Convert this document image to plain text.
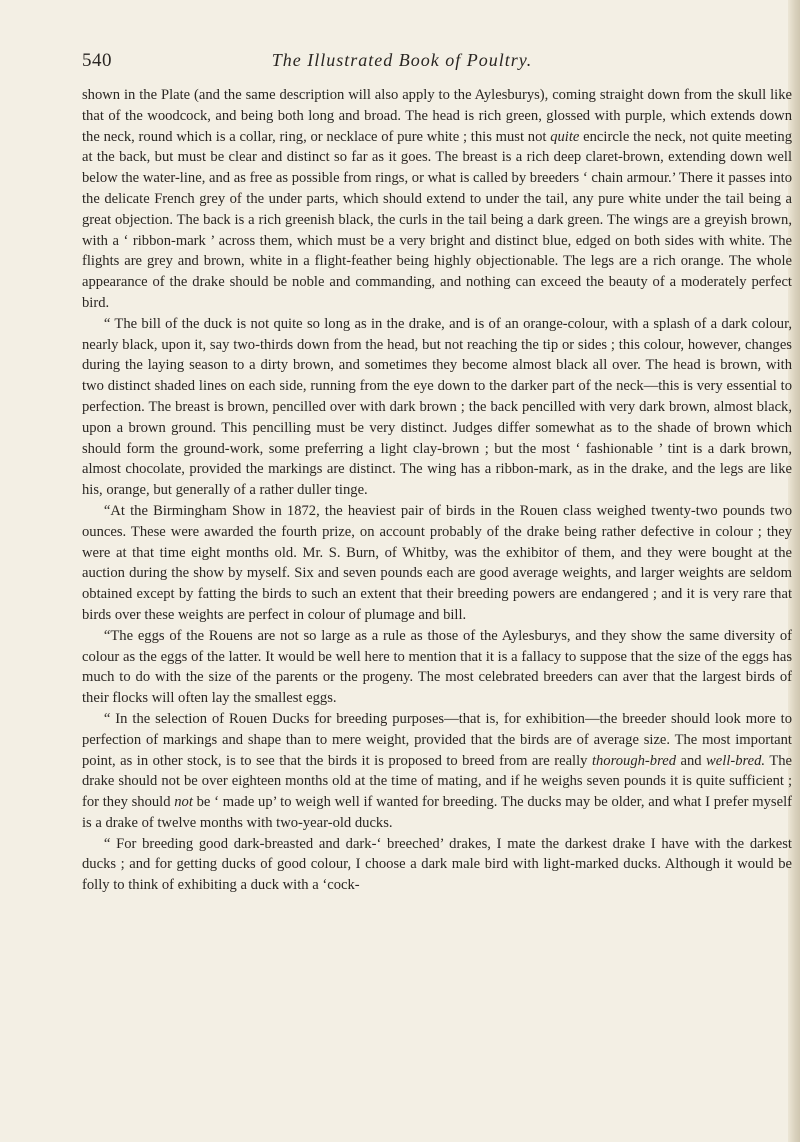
540	The Illustrated Book of Poultry.

shown in the Plate (and the same description will also apply to the Aylesburys), coming straight down from the skull like that of the woodcock, and being both long and broad. The head is rich green, glossed with purple, which extends down the neck, round which is a collar, ring, or necklace of pure white ; this must not quite encircle the neck, not quite meeting at the back, but must be clear and distinct so far as it goes. The breast is a rich deep claret-brown, extending down well below the water-line, and as free as possible from rings, or what is called by breeders ‘ chain armour.’ There it passes into the delicate French grey of the under parts, which should extend to under the tail, any pure white under the tail being a great objection. The back is a rich greenish black, the curls in the tail being a dark green. The wings are a greyish brown, with a ‘ ribbon-mark ’ across them, which must be a very bright and distinct blue, edged on both sides with white. The flights are grey and brown, white in a flight-feather being highly objectionable. The legs are a rich orange. The whole appearance of the drake should be noble and commanding, and nothing can exceed the beauty of a moderately perfect bird.

“ The bill of the duck is not quite so long as in the drake, and is of an orange-colour, with a splash of a dark colour, nearly black, upon it, say two-thirds down from the head, but not reaching the tip or sides ; this colour, however, changes during the laying season to a dirty brown, and sometimes they become almost black all over. The head is brown, with two distinct shaded lines on each side, running from the eye down to the darker part of the neck—this is very essential to perfection. The breast is brown, pencilled over with dark brown ; the back pencilled with very dark brown, almost black, upon a brown ground. This pencilling must be very distinct. Judges differ somewhat as to the shade of brown which should form the ground-work, some preferring a light clay-brown ; but the most ‘ fashionable ’ tint is a dark brown, almost chocolate, provided the markings are distinct. The wing has a ribbon-mark, as in the drake, and the legs are like his, orange, but generally of a rather duller tinge.

“At the Birmingham Show in 1872, the heaviest pair of birds in the Rouen class weighed twenty-two pounds two ounces. These were awarded the fourth prize, on account probably of the drake being rather defective in colour ; they were at that time eight months old. Mr. S. Burn, of Whitby, was the exhibitor of them, and they were bought at the auction during the show by myself. Six and seven pounds each are good average weights, and larger weights are seldom obtained except by fatting the birds to such an extent that their breeding powers are endangered ; and it is very rare that birds over these weights are perfect in colour of plumage and bill.

“The eggs of the Rouens are not so large as a rule as those of the Aylesburys, and they show the same diversity of colour as the eggs of the latter. It would be well here to mention that it is a fallacy to suppose that the size of the eggs has much to do with the size of the parents or the progeny. The most celebrated breeders can aver that the largest birds of their flocks will often lay the smallest eggs.

“ In the selection of Rouen Ducks for breeding purposes—that is, for exhibition—the breeder should look more to perfection of markings and shape than to mere weight, provided that the birds are of average size. The most important point, as in other stock, is to see that the birds it is proposed to breed from are really thorough-bred and well-bred. The drake should not be over eighteen months old at the time of mating, and if he weighs seven pounds it is quite sufficient ; for they should not be ‘ made up’ to weigh well if wanted for breeding. The ducks may be older, and what I prefer myself is a drake of twelve months with two-year-old ducks.

“ For breeding good dark-breasted and dark-‘ breeched’ drakes, I mate the darkest drake I have with the darkest ducks ; and for getting ducks of good colour, I choose a dark male bird with light-marked ducks. Although it would be folly to think of exhibiting a duck with a ‘cock-
